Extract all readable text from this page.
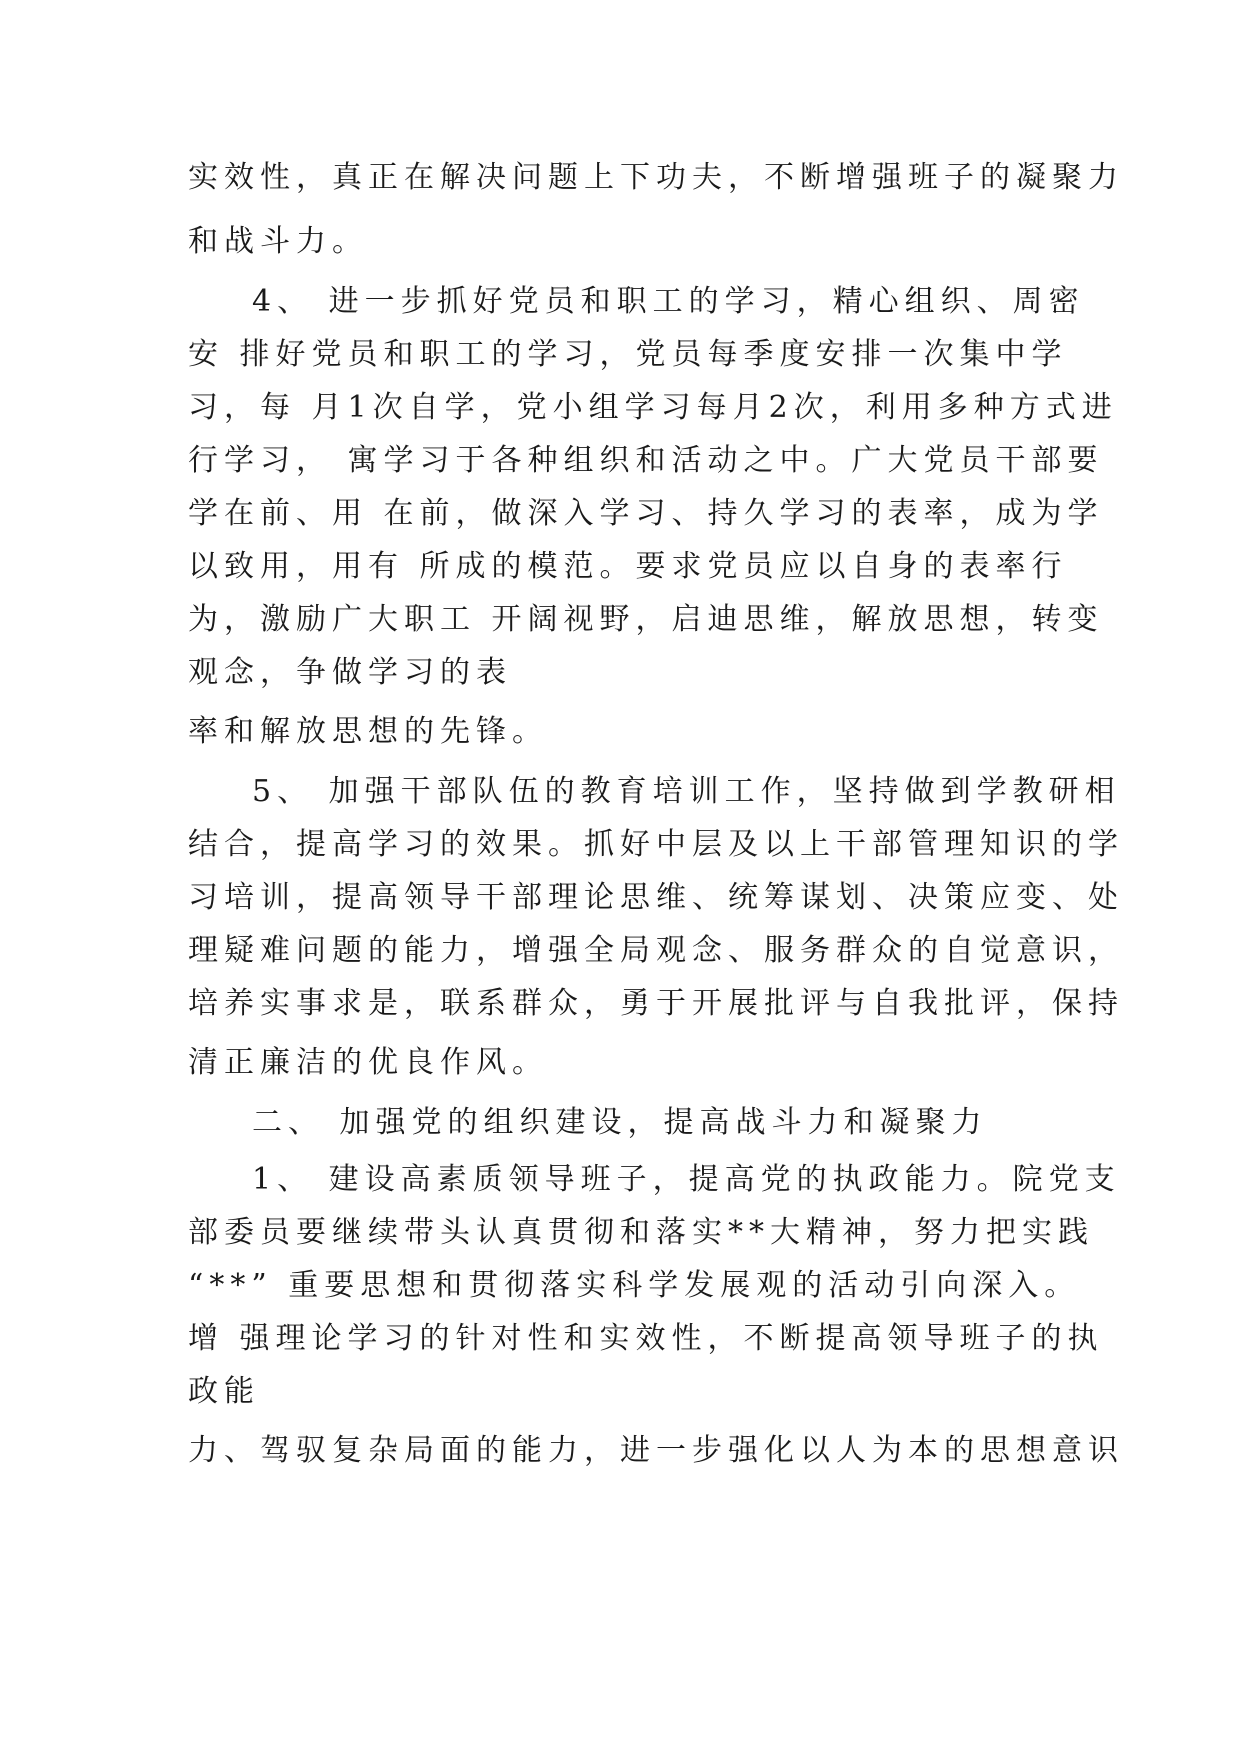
实效性，真正在解决问题上下功夫，不断增强班子的凝聚力
和战斗力。
4、 进一步抓好党员和职工的学习，精心组织、周密
安 排好党员和职工的学习，党员每季度安排一次集中学
习，每 月1次自学，党小组学习每月2次，利用多种方式进
行学习， 寓学习于各种组织和活动之中。广大党员干部要
学在前、用 在前，做深入学习、持久学习的表率，成为学
以致用，用有 所成的模范。要求党员应以自身的表率行
为，激励广大职工 开阔视野，启迪思维，解放思想，转变
观念，争做学习的表
率和解放思想的先锋。
5、 加强干部队伍的教育培训工作，坚持做到学教研相
结合，提高学习的效果。抓好中层及以上干部管理知识的学
习培训，提高领导干部理论思维、统筹谋划、决策应变、处
理疑难问题的能力，增强全局观念、服务群众的自觉意识，
培养实事求是，联系群众，勇于开展批评与自我批评，保持
清正廉洁的优良作风。
二、 加强党的组织建设，提高战斗力和凝聚力
1、 建设高素质领导班子，提高党的执政能力。院党支
部委员要继续带头认真贯彻和落实**大精神，努力把实践
“**” 重要思想和贯彻落实科学发展观的活动引向深入。
增 强理论学习的针对性和实效性，不断提高领导班子的执
政能
力、驾驭复杂局面的能力，进一步强化以人为本的思想意识
